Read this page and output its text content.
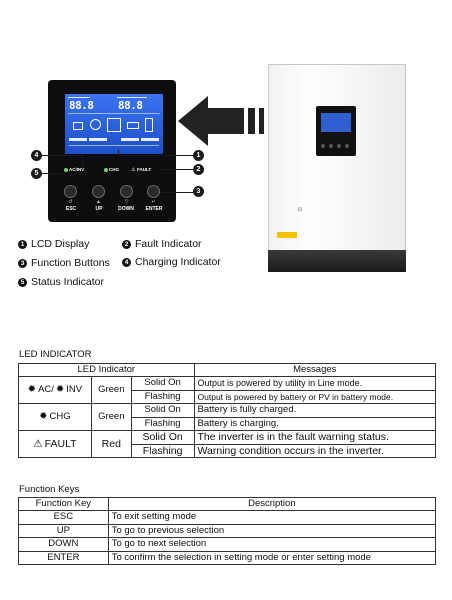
88.8 88.8
AC/INV	CHG ⚠ FAULT
↺	▲	▽	↵
ESC	UP	DOWN	ENTER
1
2
3
4
5
☼
1 LCD Display	2 Fault Indicator
3 Function Buttons	4 Charging Indicator
5 Status Indicator
LED INDICATOR
LED Indicator			Messages

✹ AC/ ✹ INV	Green	Solid On	Output is powered by utility in Line mode.
		Flashing	Output is powered by battery or PV in battery mode.

✹ CHG	Green	Solid On	Battery is fully charged.
		Flashing	Battery is charging.

⚠ FAULT	Red	Solid On	The inverter is in the fault warning status.
		Flashing	Warning condition occurs in the inverter.
Function Keys
Function Key	Description
ESC	To exit setting mode
UP	To go to previous selection
DOWN	To go to next selection
ENTER	To confirm the selection in setting mode or enter setting mode
